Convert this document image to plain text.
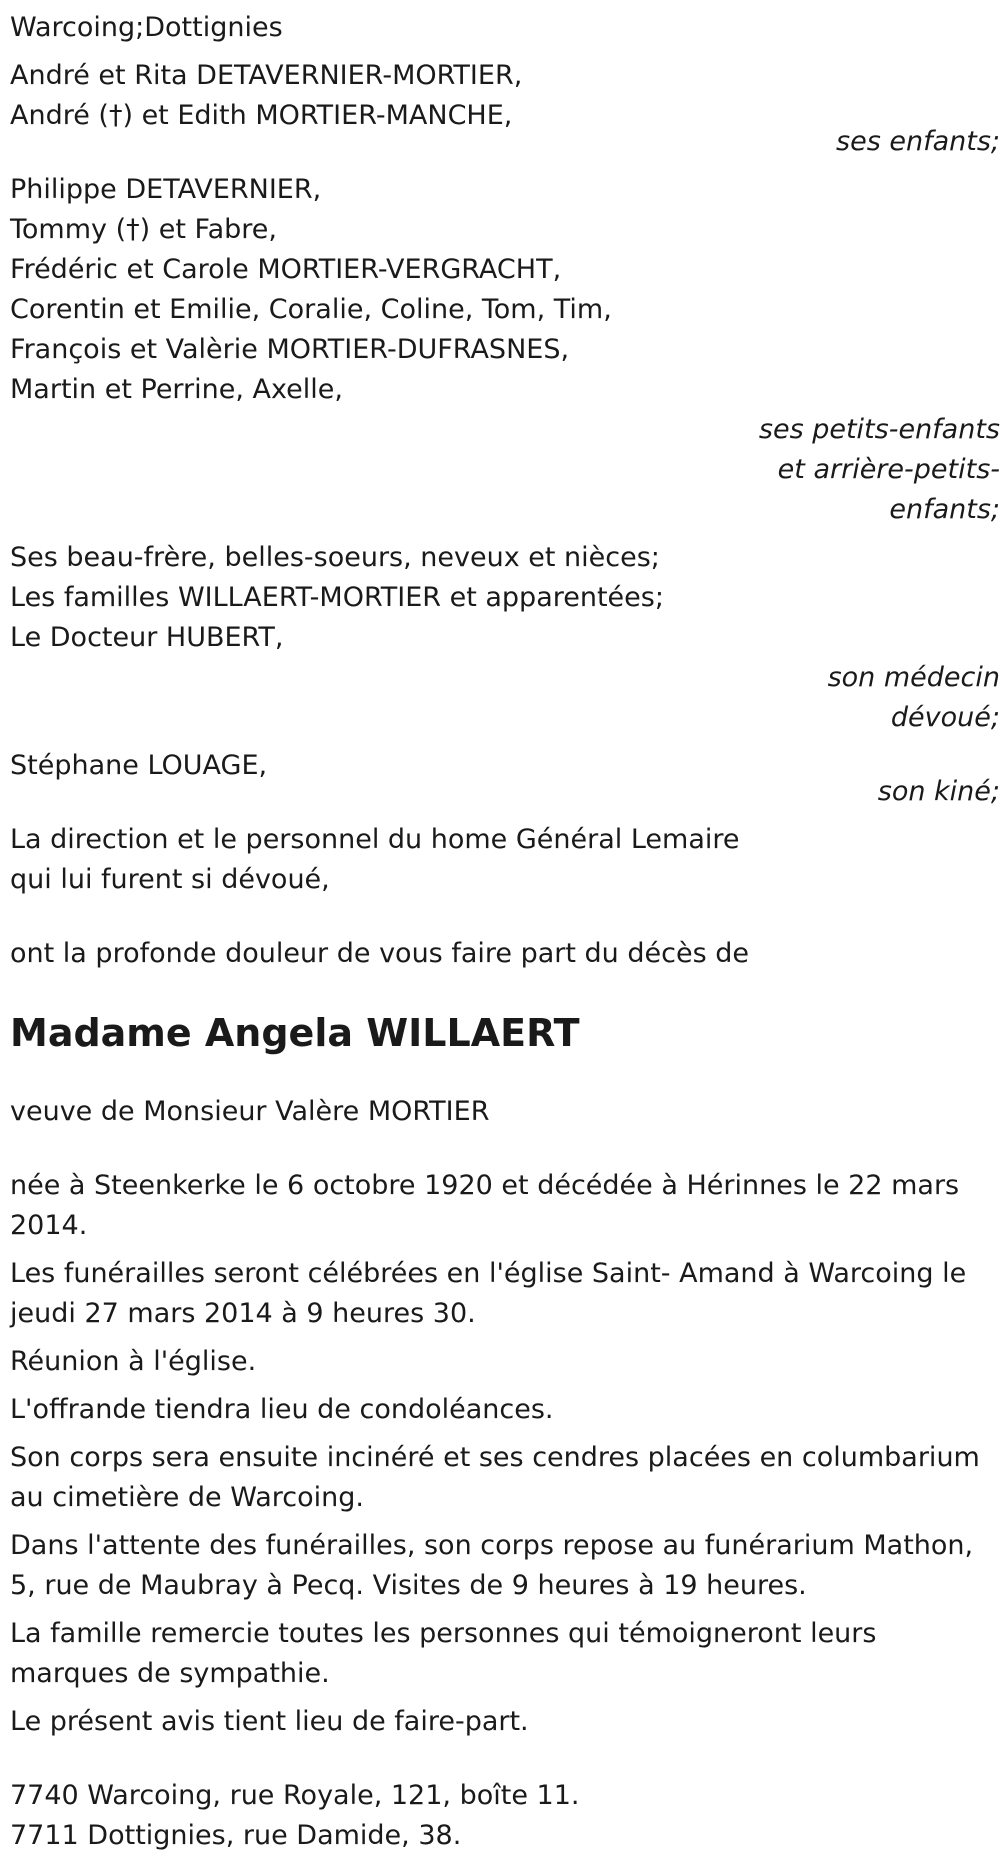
Warcoing;Dottignies
André et Rita DETAVERNIER-MORTIER,
André (†) et Edith MORTIER-MANCHE,
ses enfants;
Philippe DETAVERNIER,
Tommy (†) et Fabre,
Frédéric et Carole MORTIER-VERGRACHT,
Corentin et Emilie, Coralie, Coline, Tom, Tim,
François et Valèrie MORTIER-DUFRASNES,
Martin et Perrine, Axelle,
ses petits-enfants
et arrière-petits-
enfants;
Ses beau-frère, belles-soeurs, neveux et nièces;
Les familles WILLAERT-MORTIER et apparentées;
Le Docteur HUBERT,
son médecin
dévoué;
Stéphane LOUAGE,
son kiné;
La direction et le personnel du home Général Lemaire
qui lui furent si dévoué,
ont la profonde douleur de vous faire part du décès de
Madame Angela WILLAERT
veuve de Monsieur Valère MORTIER

née à Steenkerke le 6 octobre 1920 et décédée à Hérinnes le 22 mars 2014.

Les funérailles seront célébrées en l'église Saint- Amand à Warcoing le jeudi 27 mars 2014 à 9 heures 30.

Réunion à l'église.

L'offrande tiendra lieu de condoléances.

Son corps sera ensuite incinéré et ses cendres placées en columbarium au cimetière de Warcoing.

Dans l'attente des funérailles, son corps repose au funérarium Mathon, 5, rue de Maubray à Pecq. Visites de 9 heures à 19 heures.

La famille remercie toutes les personnes qui témoigneront leurs marques de sympathie.

Le présent avis tient lieu de faire-part.

7740 Warcoing, rue Royale, 121, boîte 11.
7711 Dottignies, rue Damide, 38.
